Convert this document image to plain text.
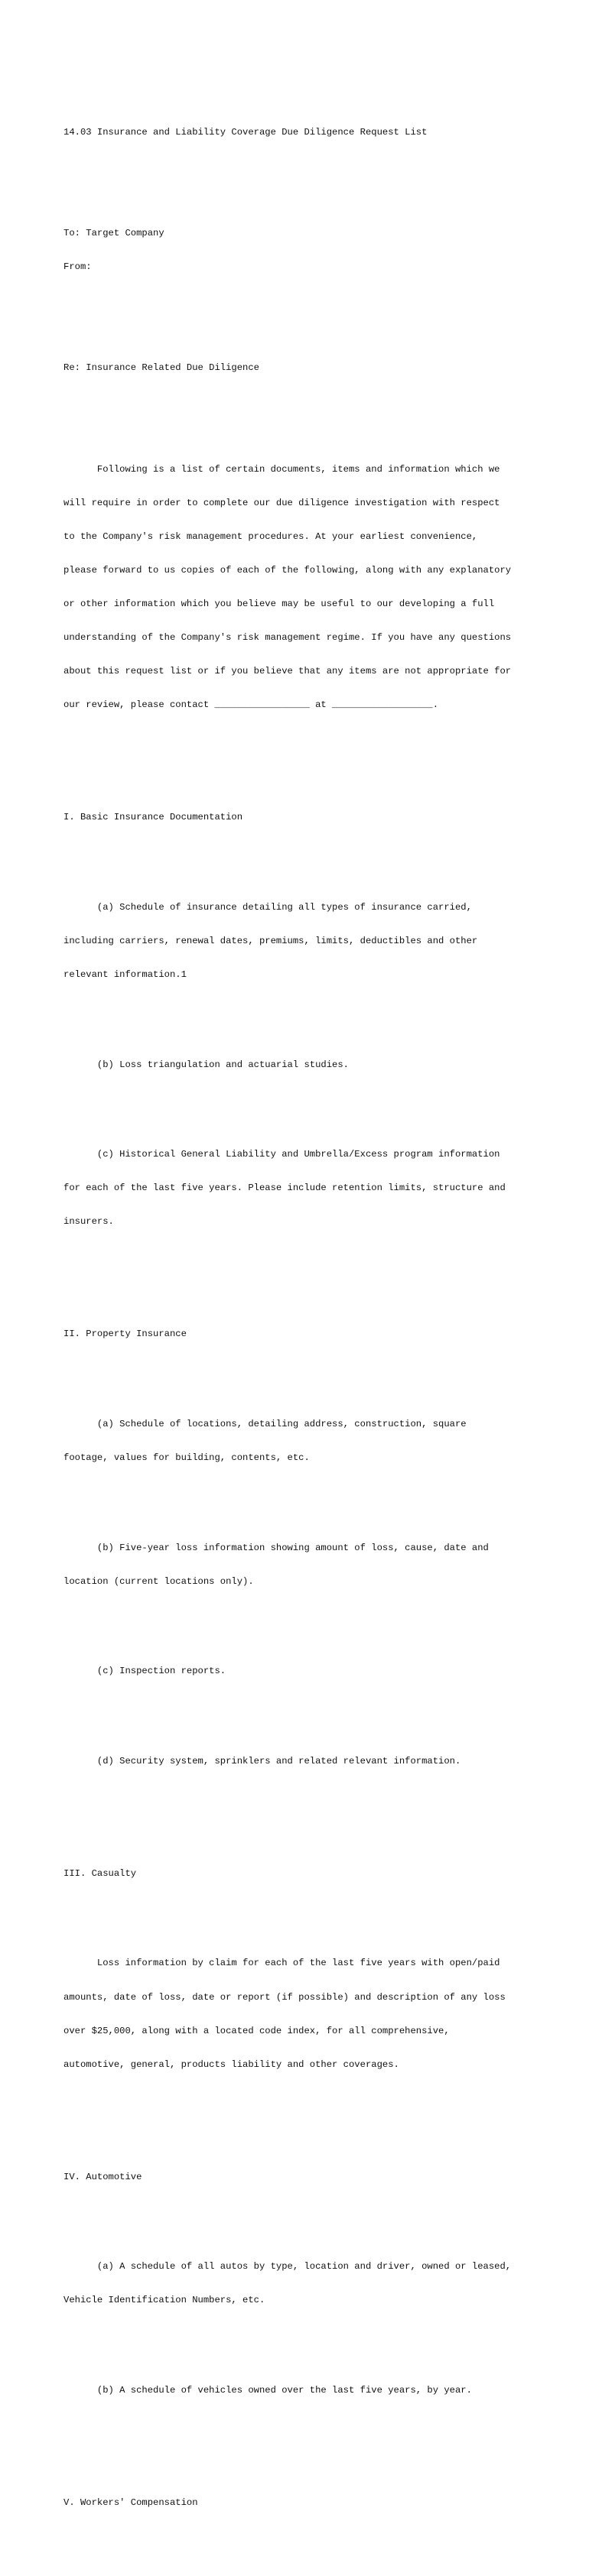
14.03 Insurance and Liability Coverage Due Diligence Request List

To: Target Company

From:

Re: Insurance Related Due Diligence

Following is a list of certain documents, items and information which we

will require in order to complete our due diligence investigation with respect

to the Company's risk management procedures. At your earliest convenience,

please forward to us copies of each of the following, along with any explanatory

or other information which you believe may be useful to our developing a full

understanding of the Company's risk management regime. If you have any questions

about this request list or if you believe that any items are not appropriate for

our review, please contact _________________ at __________________.

I. Basic Insurance Documentation

(a) Schedule of insurance detailing all types of insurance carried,

including carriers, renewal dates, premiums, limits, deductibles and other

relevant information.1

(b) Loss triangulation and actuarial studies.

(c) Historical General Liability and Umbrella/Excess program information

for each of the last five years. Please include retention limits, structure and

insurers.

II. Property Insurance

(a) Schedule of locations, detailing address, construction, square

footage, values for building, contents, etc.

(b) Five-year loss information showing amount of loss, cause, date and

location (current locations only).

(c) Inspection reports.

(d) Security system, sprinklers and related relevant information.

III. Casualty

Loss information by claim for each of the last five years with open/paid

amounts, date of loss, date or report (if possible) and description of any loss

over $25,000, along with a located code index, for all comprehensive,

automotive, general, products liability and other coverages.

IV. Automotive

(a) A schedule of all autos by type, location and driver, owned or leased,

Vehicle Identification Numbers, etc.

(b) A schedule of vehicles owned over the last five years, by year.

V. Workers' Compensation
